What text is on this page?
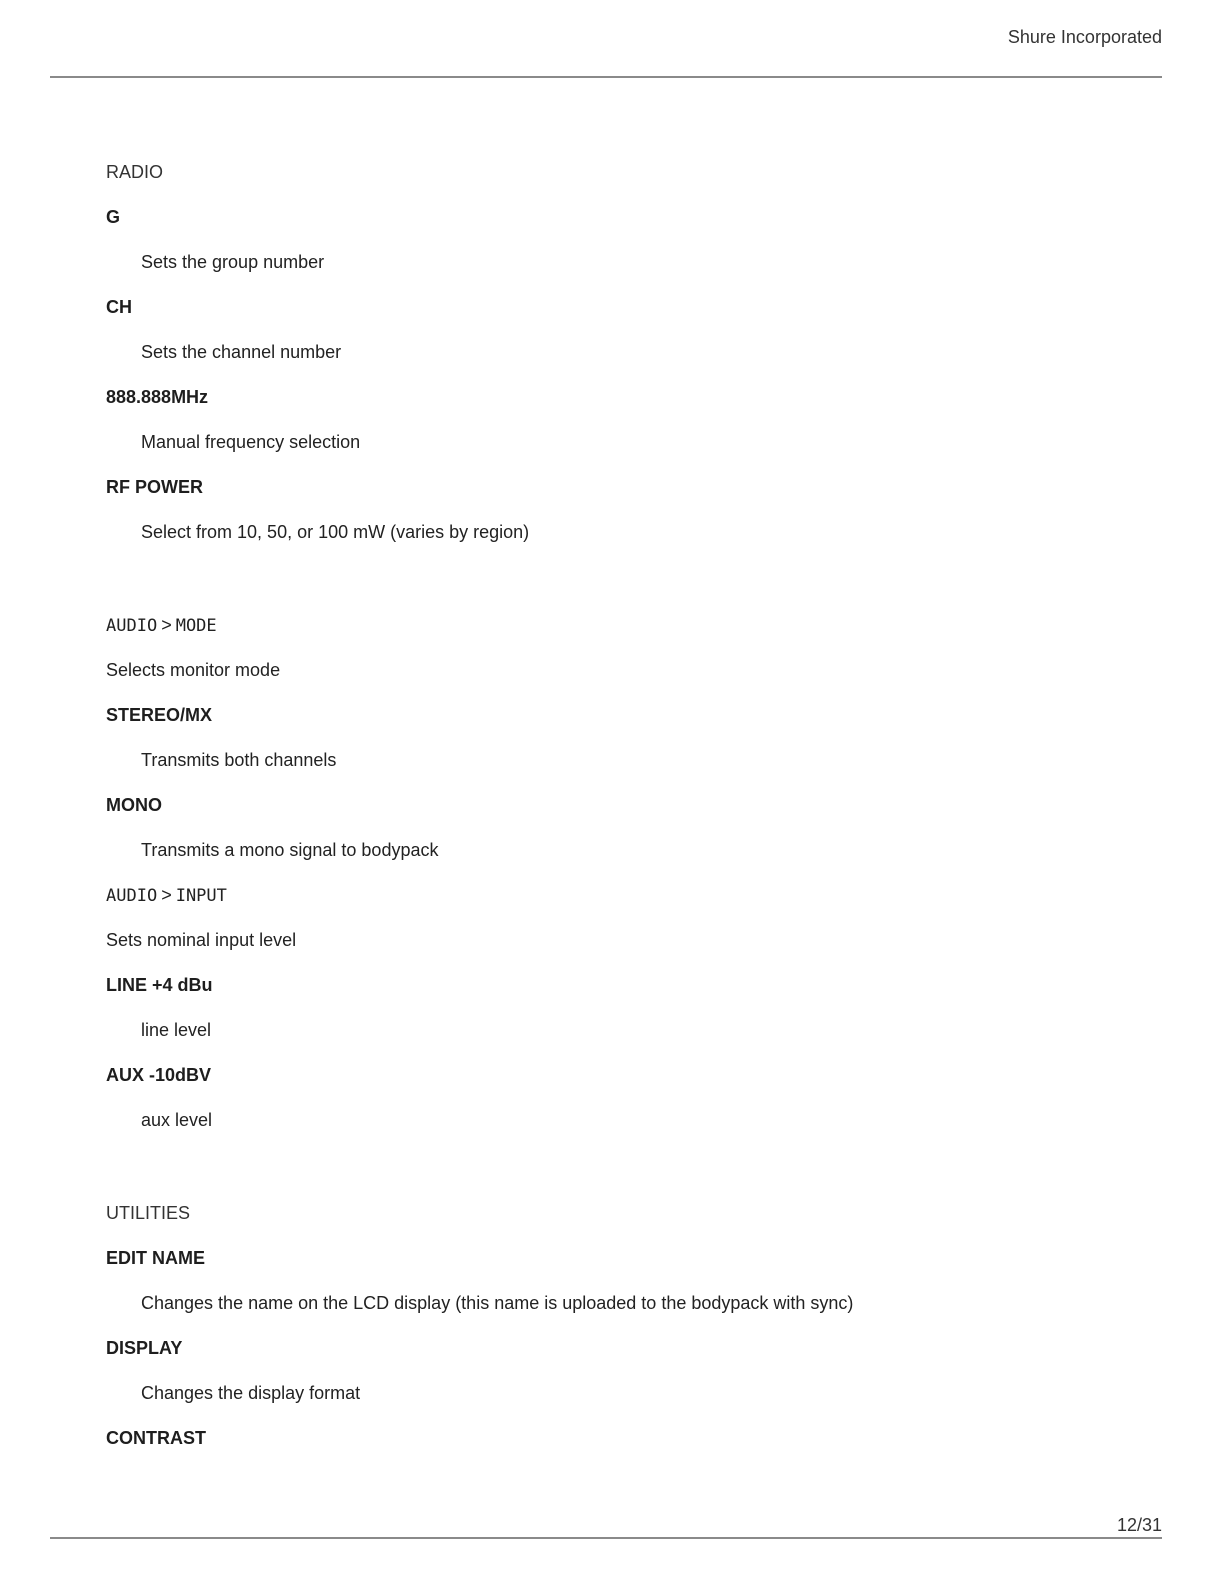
Shure Incorporated

RADIO

G

Sets the group number

CH

Sets the channel number

888.888MHz

Manual frequency selection

RF POWER

Select from 10, 50, or 100 mW (varies by region)

AUDIO > MODE

Selects monitor mode

STEREO/MX

Transmits both channels

MONO

Transmits a mono signal to bodypack

AUDIO > INPUT

Sets nominal input level

LINE +4 dBu

line level

AUX -10dBV

aux level

UTILITIES

EDIT NAME

Changes the name on the LCD display (this name is uploaded to the bodypack with sync)

DISPLAY

Changes the display format

CONTRAST

12/31
